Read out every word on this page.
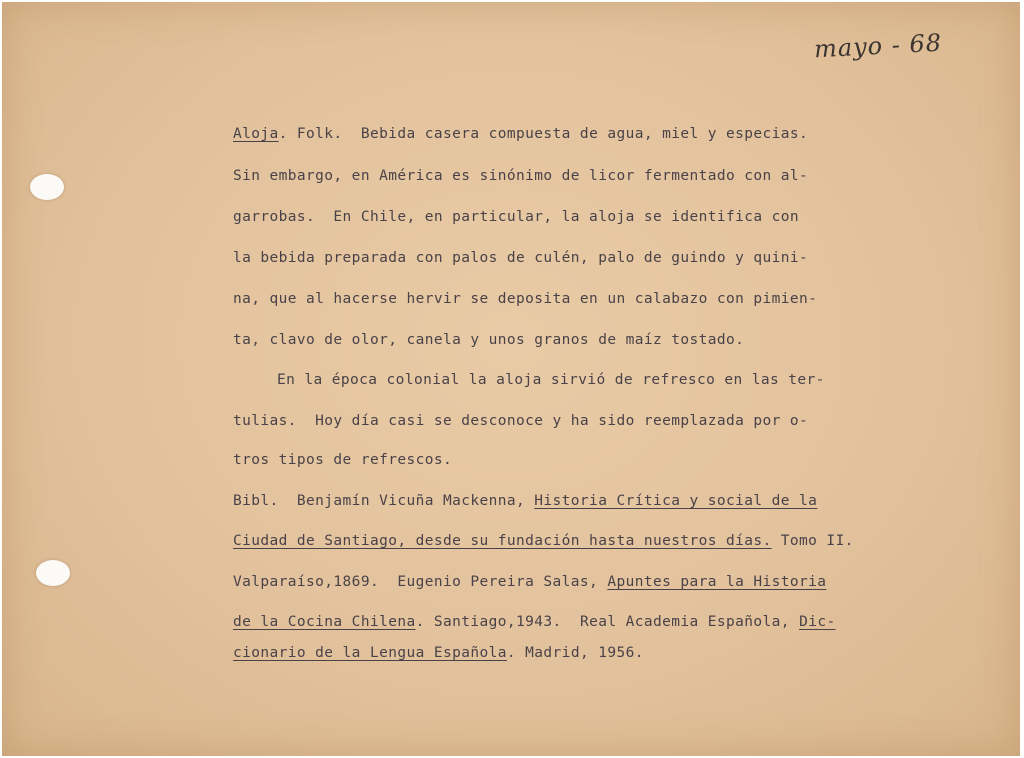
mayo - 68
Aloja. Folk.  Bebida casera compuesta de agua, miel y especias.
Sin embargo, en América es sinónimo de licor fermentado con al-
garrobas.  En Chile, en particular, la aloja se identifica con
la bebida preparada con palos de culén, palo de guindo y quini-
na, que al hacerse hervir se deposita en un calabazo con pimien-
ta, clavo de olor, canela y unos granos de maíz tostado.
En la época colonial la aloja sirvió de refresco en las ter-
tulias.  Hoy día casi se desconoce y ha sido reemplazada por o-
tros tipos de refrescos.
Bibl.  Benjamín Vicuña Mackenna, Historia Crítica y social de la
Ciudad de Santiago, desde su fundación hasta nuestros días. Tomo II.
Valparaíso,1869.  Eugenio Pereira Salas, Apuntes para la Historia
de la Cocina Chilena. Santiago,1943.  Real Academia Española, Dic-
cionario de la Lengua Española. Madrid, 1956.
